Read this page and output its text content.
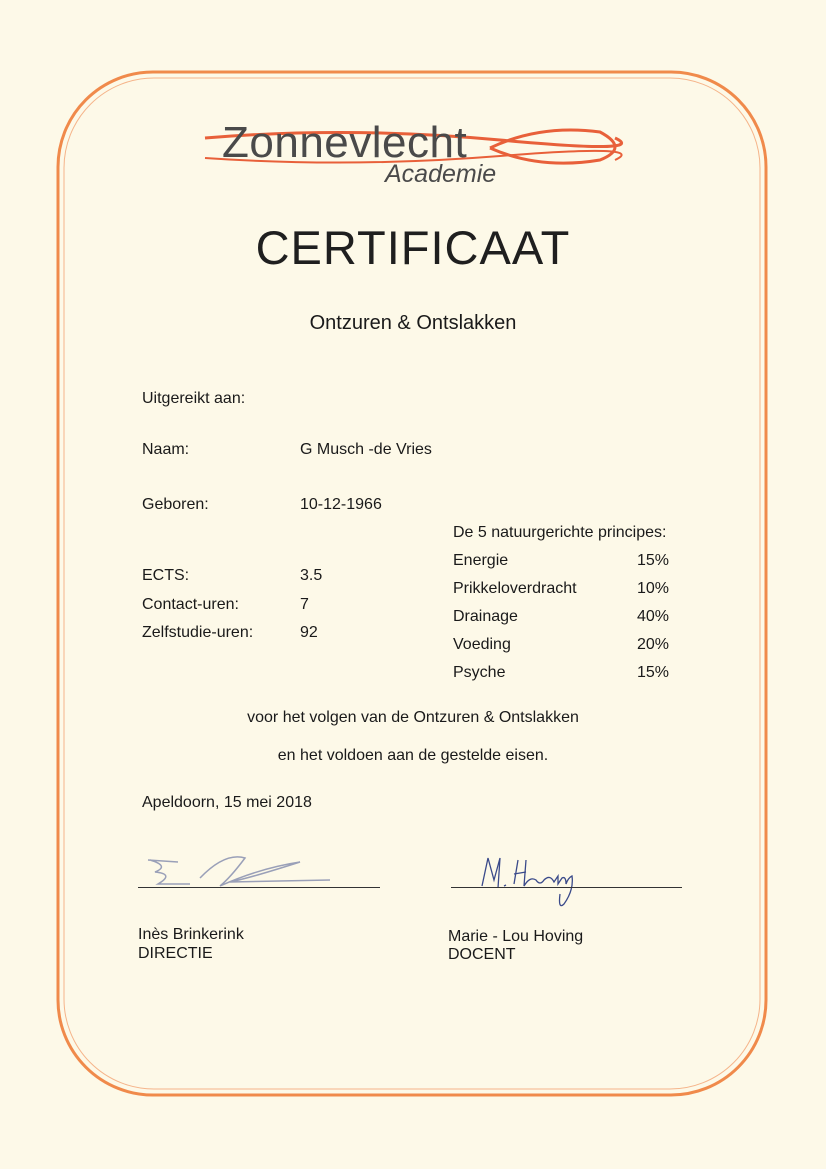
Zonnevlecht
Academie
CERTIFICAAT
Ontzuren & Ontslakken
Uitgereikt aan:
Naam:	G Musch -de Vries
Geboren:	10-12-1966
ECTS:	3.5
Contact-uren:	7
Zelfstudie-uren:	92
De 5 natuurgerichte principes:
Energie	15%
Prikkeloverdracht	10%
Drainage	40%
Voeding	20%
Psyche	15%
voor het volgen van de Ontzuren & Ontslakken
en het voldoen aan de gestelde eisen.
Apeldoorn, 15 mei 2018
Inès Brinkerink
DIRECTIE
Marie - Lou Hoving
DOCENT
